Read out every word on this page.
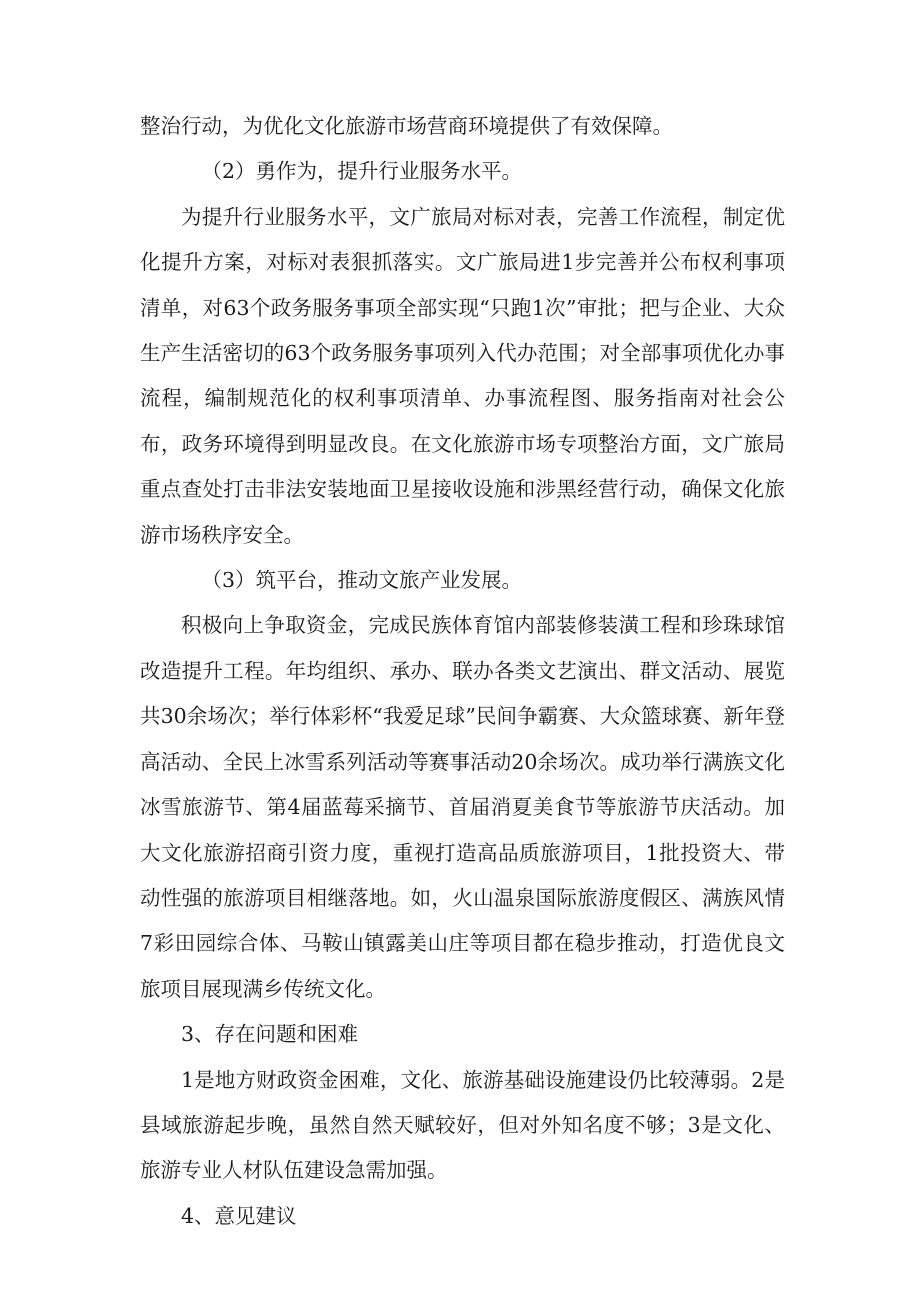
整治行动，为优化文化旅游市场营商环境提供了有效保障。

（2）勇作为，提升行业服务水平。

为提升行业服务水平，文广旅局对标对表，完善工作流程，制定优化提升方案，对标对表狠抓落实。文广旅局进1步完善并公布权利事项清单，对63个政务服务事项全部实现“只跑1次”审批；把与企业、大众生产生活密切的63个政务服务事项列入代办范围；对全部事项优化办事流程，编制规范化的权利事项清单、办事流程图、服务指南对社会公布，政务环境得到明显改良。在文化旅游市场专项整治方面，文广旅局重点查处打击非法安装地面卫星接收设施和涉黑经营行动，确保文化旅游市场秩序安全。

（3）筑平台，推动文旅产业发展。

积极向上争取资金，完成民族体育馆内部装修装潢工程和珍珠球馆改造提升工程。年均组织、承办、联办各类文艺演出、群文活动、展览共30余场次；举行体彩杯“我爱足球”民间争霸赛、大众篮球赛、新年登高活动、全民上冰雪系列活动等赛事活动20余场次。成功举行满族文化冰雪旅游节、第4届蓝莓采摘节、首届消夏美食节等旅游节庆活动。加大文化旅游招商引资力度，重视打造高品质旅游项目，1批投资大、带动性强的旅游项目相继落地。如，火山温泉国际旅游度假区、满族风情7彩田园综合体、马鞍山镇露美山庄等项目都在稳步推动，打造优良文旅项目展现满乡传统文化。

3、存在问题和困难

1是地方财政资金困难，文化、旅游基础设施建设仍比较薄弱。2是县域旅游起步晚，虽然自然天赋较好，但对外知名度不够；3是文化、旅游专业人材队伍建设急需加强。

4、意见建议
